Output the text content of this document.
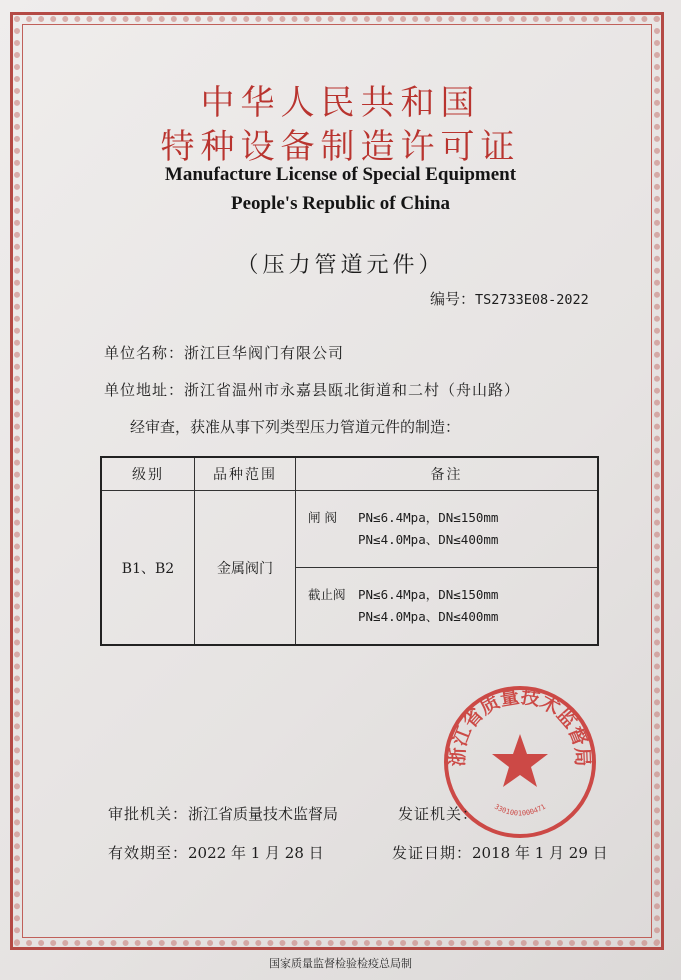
中华人民共和国
特种设备制造许可证
Manufacture License of Special Equipment
People's Republic of China
（压力管道元件）
编号：TS2733E08-2022
单位名称：浙江巨华阀门有限公司
单位地址：浙江省温州市永嘉县瓯北街道和二村（舟山路）
经审查，获准从事下列类型压力管道元件的制造：
级别	品种范围	备注
B1、B2	金属阀门	闸 阀 PN≤6.4Mpa，DN≤150mm
PN≤4.0Mpa、DN≤400mm

		截止阀 PN≤6.4Mpa，DN≤150mm
PN≤4.0Mpa、DN≤400mm
浙江省质量技术监督局
3301001000471
审批机关：浙江省质量技术监督局	发证机关：
有效期至：2022 年 1 月 28 日	发证日期：2018 年 1 月 29 日
国家质量监督检验检疫总局制
